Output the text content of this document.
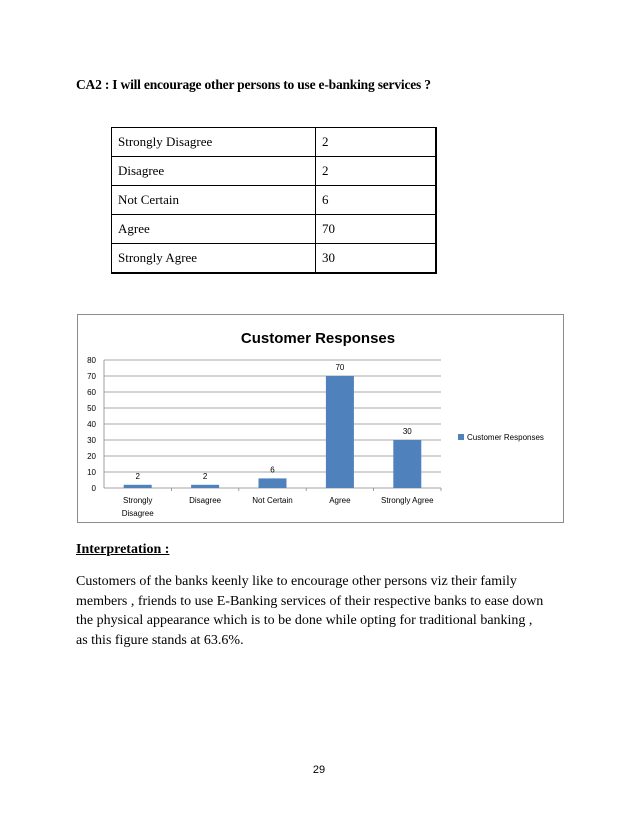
CA2 : I will encourage other persons to use e-banking services ?
Strongly Disagree	2
Disagree	2
Not Certain	6
Agree	70
Strongly Agree	30
Customer Responses
0
10
20
30
40
50
60
70
80
2
Strongly Disagree
2
Disagree
6
Not Certain
70
Agree
30
Strongly Agree
Customer Responses
Interpretation :
Customers of the banks keenly like to encourage other persons viz their family
members , friends to use E-Banking services of their respective banks to ease down
the physical appearance which is to be done while opting for traditional banking ,
as this figure stands at 63.6%.
29
